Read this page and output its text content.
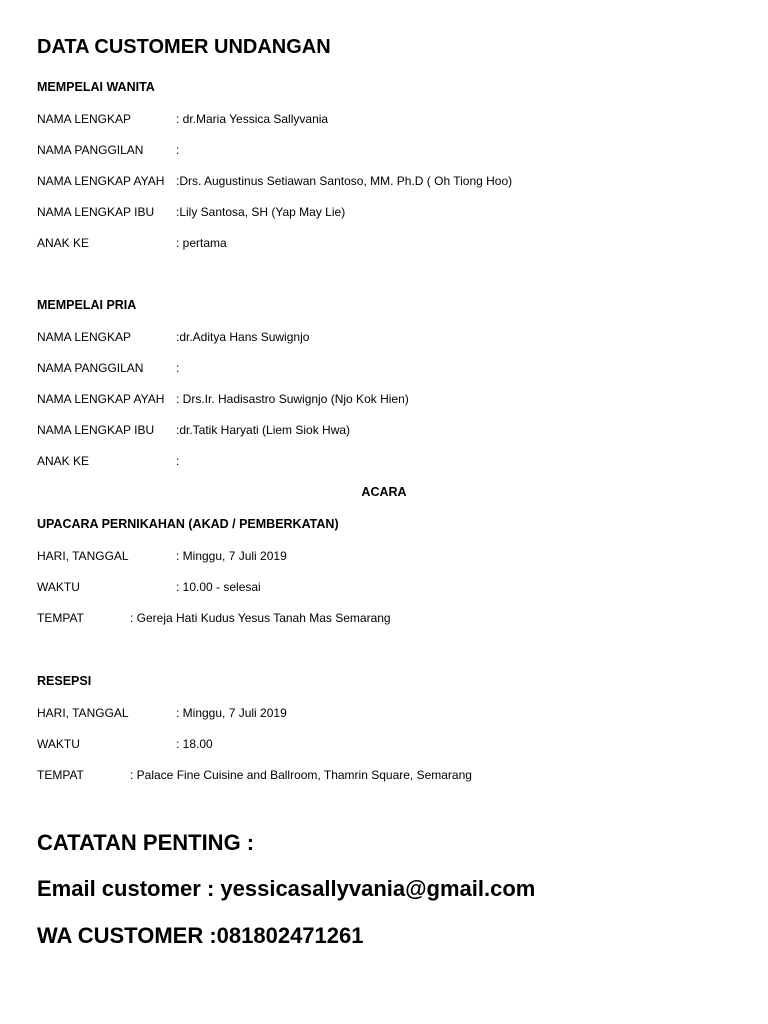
DATA CUSTOMER UNDANGAN
MEMPELAI WANITA
NAMA LENGKAP	: dr.Maria Yessica Sallyvania
NAMA PANGGILAN	:
NAMA LENGKAP AYAH :Drs. Augustinus Setiawan Santoso, MM. Ph.D ( Oh Tiong Hoo)
NAMA LENGKAP IBU :Lily Santosa, SH (Yap May Lie)
ANAK KE	: pertama
MEMPELAI PRIA
NAMA LENGKAP	:dr.Aditya Hans Suwignjo
NAMA PANGGILAN	:
NAMA LENGKAP AYAH : Drs.Ir. Hadisastro Suwignjo (Njo Kok Hien)
NAMA LENGKAP IBU :dr.Tatik Haryati (Liem Siok Hwa)
ANAK KE	:
ACARA
UPACARA PERNIKAHAN (AKAD / PEMBERKATAN)
HARI, TANGGAL	: Minggu, 7 Juli 2019
WAKTU	: 10.00 - selesai
TEMPAT	: Gereja Hati Kudus Yesus Tanah Mas Semarang
RESEPSI
HARI, TANGGAL	: Minggu, 7 Juli 2019
WAKTU	: 18.00
TEMPAT	: Palace Fine Cuisine and Ballroom, Thamrin Square, Semarang
CATATAN PENTING :
Email customer : yessicasallyvania@gmail.com
WA CUSTOMER :081802471261
